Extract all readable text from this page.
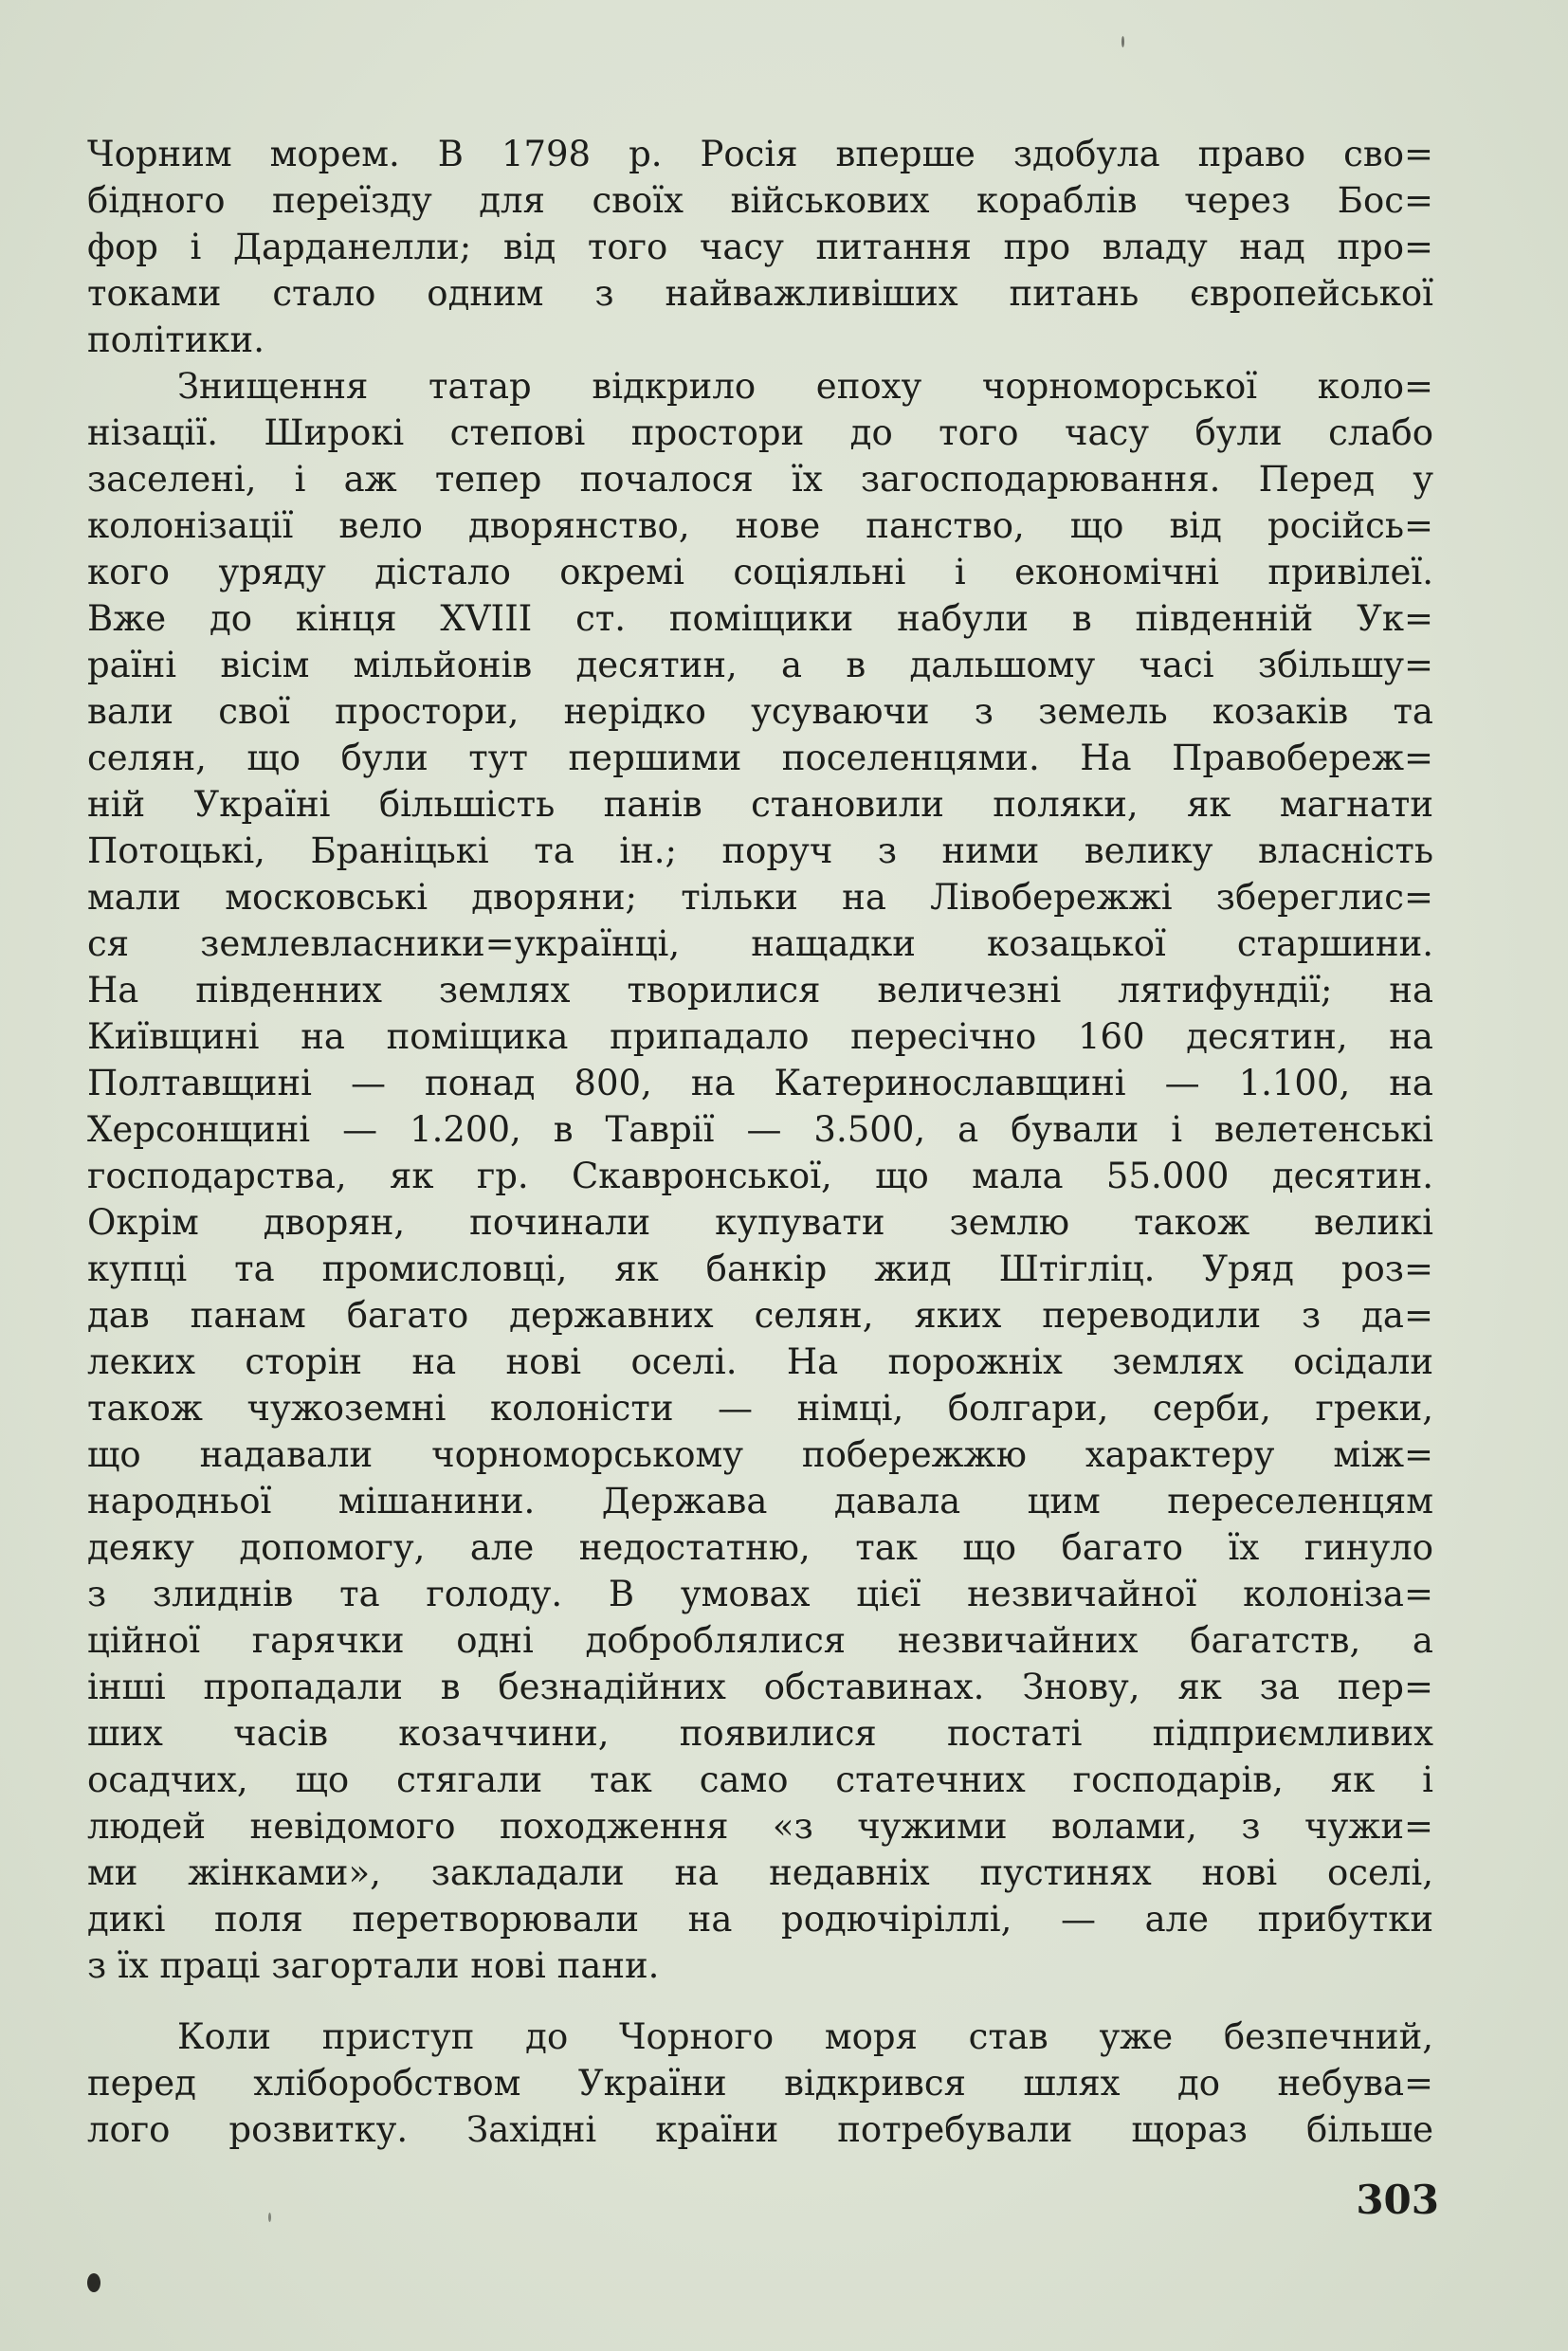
Чорним морем. В 1798 р. Росія вперше здобула право сво=
бідного переїзду для своїх військових кораблів через Бос=
фор і Дарданелли; від того часу питання про владу над про=
токами стало одним з найважливіших питань європейської
політики.
Знищення татар відкрило епоху чорноморської коло=
нізації. Широкі степові простори до того часу були слабо
заселені, і аж тепер почалося їх загосподарювання. Перед у
колонізації вело дворянство, нове панство, що від російсь=
кого уряду дістало окремі соціяльні і економічні привілеї.
Вже до кінця XVIII ст. поміщики набули в південній Ук=
раїні вісім мільйонів десятин, а в дальшому часі збільшу=
вали свої простори, нерідко усуваючи з земель козаків та
селян, що були тут першими поселенцями. На Правобереж=
ній Україні більшість панів становили поляки, як магнати
Потоцькі, Браніцькі та ін.; поруч з ними велику власність
мали московські дворяни; тільки на Лівобережжі збереглис=
ся землевласники=українці, нащадки козацької старшини.
На південних землях творилися величезні лятифундії; на
Київщині на поміщика припадало пересічно 160 десятин, на
Полтавщині — понад 800, на Катеринославщині — 1.100, на
Херсонщині — 1.200, в Таврії — 3.500, а бували і велетенські
господарства, як гр. Скавронської, що мала 55.000 десятин.
Окрім дворян, починали купувати землю також великі
купці та промисловці, як банкір жид Штігліц. Уряд роз=
дав панам багато державних селян, яких переводили з да=
леких сторін на нові оселі. На порожніх землях осідали
також чужоземні колоністи — німці, болгари, серби, греки,
що надавали чорноморському побережжю характеру між=
народньої мішанини. Держава давала цим переселенцям
деяку допомогу, але недостатню, так що багато їх гинуло
з злиднів та голоду. В умовах цієї незвичайної колоніза=
ційної гарячки одні доброблялися незвичайних багатств, а
інші пропадали в безнадійних обставинах. Знову, як за пер=
ших часів козаччини, появилися постаті підприємливих
осадчих, що стягали так само статечних господарів, як і
людей невідомого походження «з чужими волами, з чужи=
ми жінками», закладали на недавніх пустинях нові оселі,
дикі поля перетворювали на родючіріллі, — але прибутки
з їх праці загортали нові пани.
Коли приступ до Чорного моря став уже безпечний,
перед хліборобством України відкрився шлях до небува=
лого розвитку. Західні країни потребували щораз більше
303
